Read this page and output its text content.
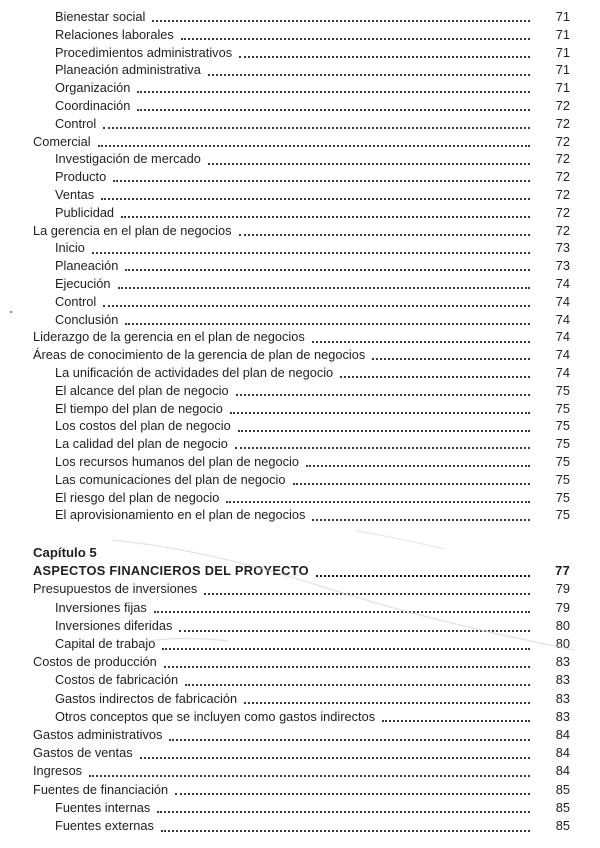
Bienestar social	71
Relaciones laborales	71
Procedimientos administrativos	71
Planeación administrativa	71
Organización	71
Coordinación	72
Control	72
Comercial	72
Investigación de mercado	72
Producto	72
Ventas	72
Publicidad	72
La gerencia en el plan de negocios	72
Inicio	73
Planeación	73
Ejecución	74
Control	74
Conclusión	74
Liderazgo de la gerencia en el plan de negocios	74
Áreas de conocimiento de la gerencia de plan de negocios	74
La unificación de actividades del plan de negocio	74
El alcance del plan de negocio	75
El tiempo del plan de negocio	75
Los costos del plan de negocio	75
La calidad del plan de negocio	75
Los recursos humanos del plan de negocio	75
Las comunicaciones del plan de negocio	75
El riesgo del plan de negocio	75
El aprovisionamiento en el plan de negocios	75
Capítulo 5
ASPECTOS FINANCIEROS DEL PROYECTO	77
Presupuestos de inversiones	79
Inversiones fijas	79
Inversiones diferidas	80
Capital de trabajo	80
Costos de producción	83
Costos de fabricación	83
Gastos indirectos de fabricación	83
Otros conceptos que se incluyen como gastos indirectos	83
Gastos administrativos	84
Gastos de ventas	84
Ingresos	84
Fuentes de financiación	85
Fuentes internas	85
Fuentes externas	85
